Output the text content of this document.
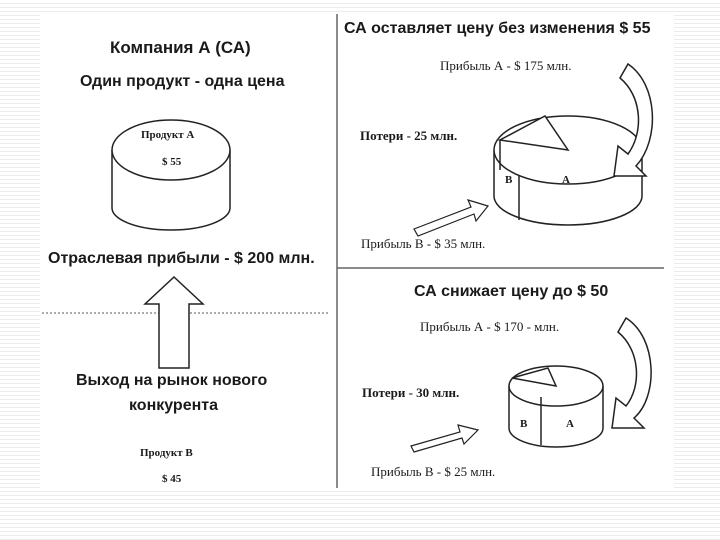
Компания А (СА)
Один продукт - одна цена
Продукт А
$ 55
Отраслевая прибыли - $ 200 млн.
Выход на рынок нового
конкурента
Продукт В
$ 45
СА оставляет цену без изменения $ 55
Прибыль А - $ 175 млн.
Потери - 25 млн.
В	А
Прибыль В - $ 35 млн.
СА снижает цену до $ 50
Прибыль А - $ 170 - млн.
Потери - 30 млн.
В	А
Прибыль В - $ 25 млн.
